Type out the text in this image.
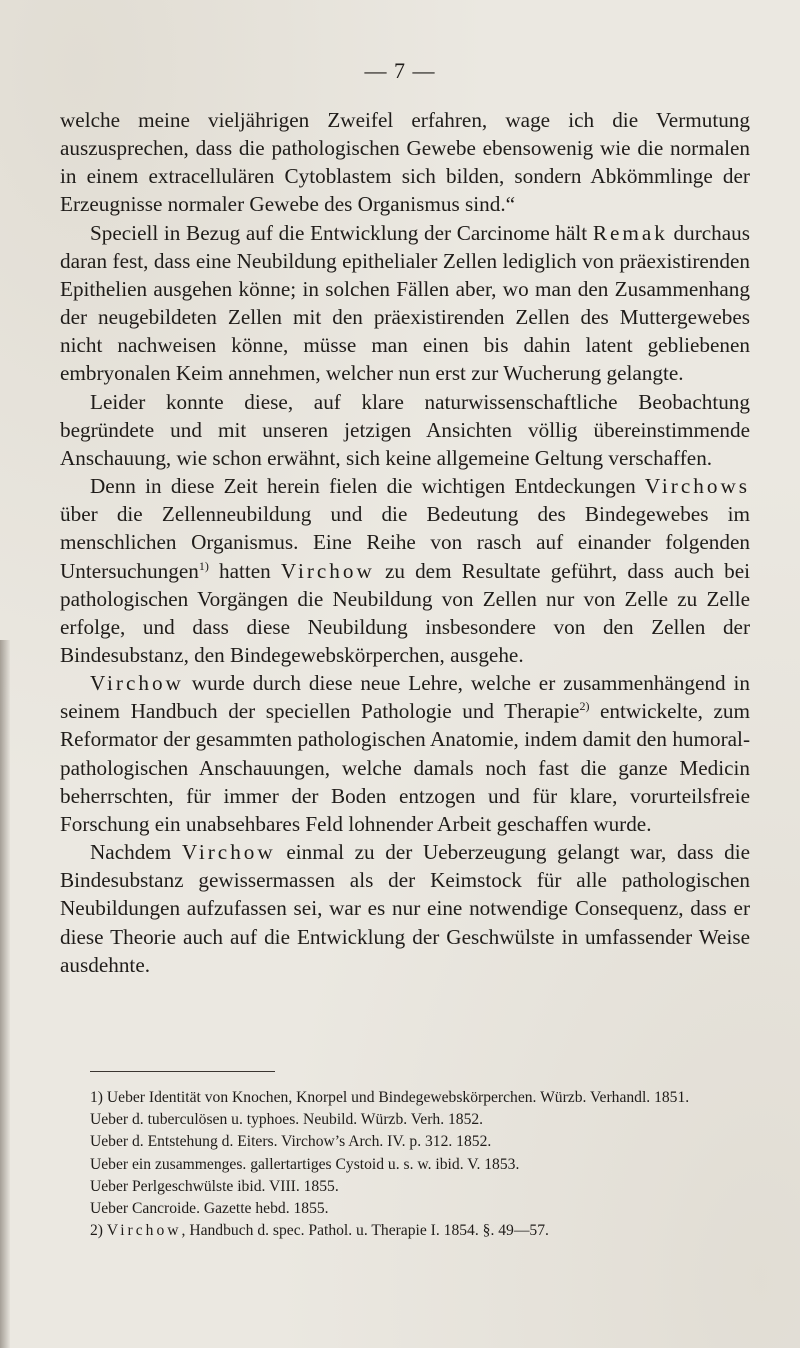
— 7 —

welche meine vieljährigen Zweifel erfahren, wage ich die Vermutung auszusprechen, dass die pathologischen Gewebe ebensowenig wie die normalen in einem extracellulären Cytoblastem sich bilden, sondern Abkömmlinge der Erzeugnisse normaler Gewebe des Organismus sind.“

Speciell in Bezug auf die Entwicklung der Carcinome hält Remak durchaus daran fest, dass eine Neubildung epithelialer Zellen lediglich von präexistirenden Epithelien ausgehen könne; in solchen Fällen aber, wo man den Zusammenhang der neugebildeten Zellen mit den präexistirenden Zellen des Muttergewebes nicht nachweisen könne, müsse man einen bis dahin latent gebliebenen embryonalen Keim annehmen, welcher nun erst zur Wucherung gelangte.

Leider konnte diese, auf klare naturwissenschaftliche Beobachtung begründete und mit unseren jetzigen Ansichten völlig übereinstimmende Anschauung, wie schon erwähnt, sich keine allgemeine Geltung verschaffen.

Denn in diese Zeit herein fielen die wichtigen Entdeckungen Virchows über die Zellenneubildung und die Bedeutung des Bindegewebes im menschlichen Organismus. Eine Reihe von rasch auf einander folgenden Untersuchungen$^{1)}$ hatten Virchow zu dem Resultate geführt, dass auch bei pathologischen Vorgängen die Neubildung von Zellen nur von Zelle zu Zelle erfolge, und dass diese Neubildung insbesondere von den Zellen der Bindesubstanz, den Bindegewebskörperchen, ausgehe.

Virchow wurde durch diese neue Lehre, welche er zusammenhängend in seinem Handbuch der speciellen Pathologie und Therapie$^{2)}$ entwickelte, zum Reformator der gesammten pathologischen Anatomie, indem damit den humoral-pathologischen Anschauungen, welche damals noch fast die ganze Medicin beherrschten, für immer der Boden entzogen und für klare, vorurteilsfreie Forschung ein unabsehbares Feld lohnender Arbeit geschaffen wurde.

Nachdem Virchow einmal zu der Ueberzeugung gelangt war, dass die Bindesubstanz gewissermassen als der Keimstock für alle pathologischen Neubildungen aufzufassen sei, war es nur eine notwendige Consequenz, dass er diese Theorie auch auf die Entwicklung der Geschwülste in umfassender Weise ausdehnte.

1) Ueber Identität von Knochen, Knorpel und Bindegewebskörperchen. Würzb. Verhandl. 1851.

Ueber d. tuberculösen u. typhoes. Neubild. Würzb. Verh. 1852.

Ueber d. Entstehung d. Eiters. Virchow’s Arch. IV. p. 312. 1852.

Ueber ein zusammenges. gallertartiges Cystoid u. s. w. ibid. V. 1853.

Ueber Perlgeschwülste ibid. VIII. 1855.

Ueber Cancroide. Gazette hebd. 1855.

2) Virchow, Handbuch d. spec. Pathol. u. Therapie I. 1854. §. 49—57.
